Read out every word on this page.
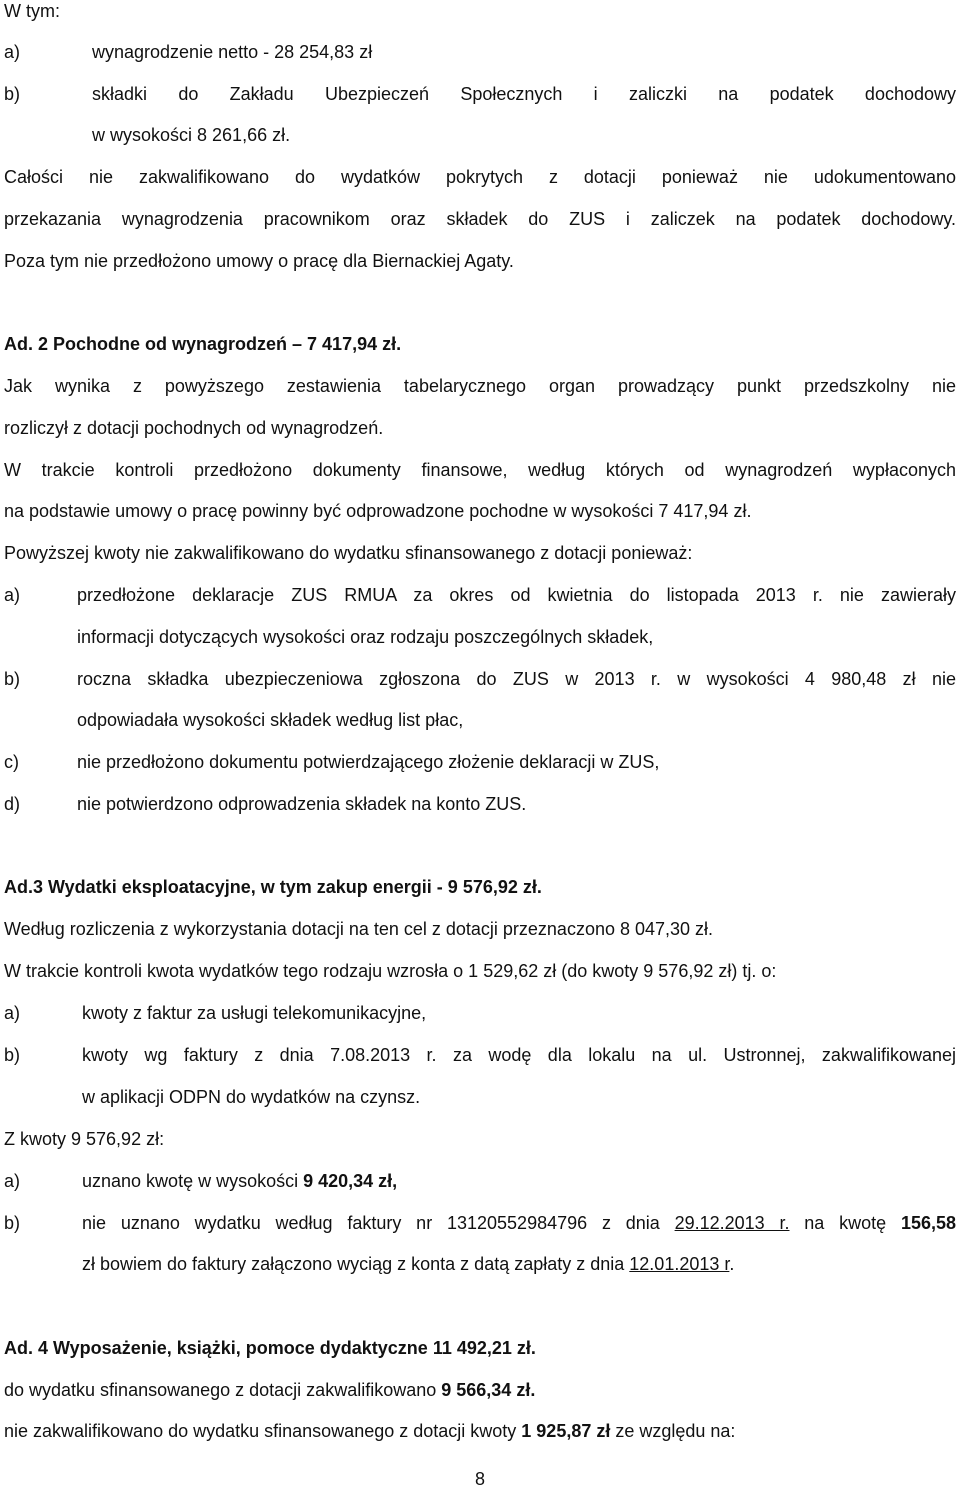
W tym:
a)	wynagrodzenie netto - 28 254,83 zł
b)	składki do Zakładu Ubezpieczeń Społecznych i zaliczki na podatek dochodowy
w wysokości 8 261,66 zł.
Całości nie zakwalifikowano do wydatków pokrytych z dotacji ponieważ nie udokumentowano
przekazania wynagrodzenia pracownikom oraz składek do ZUS i zaliczek na podatek dochodowy.
Poza tym nie przedłożono umowy o pracę dla Biernackiej Agaty.
Ad. 2 Pochodne od wynagrodzeń – 7 417,94 zł.
Jak wynika z powyższego zestawienia tabelarycznego organ prowadzący punkt przedszkolny nie
rozliczył z dotacji pochodnych od wynagrodzeń.
W trakcie kontroli przedłożono dokumenty finansowe, według których od wynagrodzeń wypłaconych
na podstawie umowy o pracę powinny być odprowadzone pochodne w wysokości 7 417,94 zł.
Powyższej kwoty nie zakwalifikowano do wydatku sfinansowanego z dotacji ponieważ:
a)	przedłożone deklaracje ZUS RMUA za okres od kwietnia do listopada 2013 r. nie zawierały
informacji dotyczących wysokości oraz rodzaju poszczególnych składek,
b)	roczna składka ubezpieczeniowa zgłoszona do ZUS w 2013 r. w wysokości 4 980,48 zł nie
odpowiadała wysokości składek według list płac,
c)	nie przedłożono dokumentu potwierdzającego złożenie deklaracji w ZUS,
d)	nie potwierdzono odprowadzenia składek na konto ZUS.
Ad.3 Wydatki eksploatacyjne, w tym zakup energii - 9 576,92 zł.
Według rozliczenia z wykorzystania dotacji na ten cel z dotacji przeznaczono 8 047,30 zł.
W trakcie kontroli kwota wydatków tego rodzaju wzrosła o 1 529,62 zł (do kwoty 9 576,92 zł) tj. o:
a)	kwoty z faktur za usługi telekomunikacyjne,
b)	kwoty wg faktury z dnia 7.08.2013 r. za wodę dla lokalu na ul. Ustronnej, zakwalifikowanej
w aplikacji ODPN do wydatków na czynsz.
Z kwoty 9 576,92 zł:
a)	uznano kwotę w wysokości 9 420,34 zł,
b)	nie uznano wydatku według faktury nr 13120552984796 z dnia 29.12.2013 r. na kwotę 156,58
zł bowiem do faktury załączono wyciąg z konta z datą zapłaty z dnia 12.01.2013 r.
Ad. 4 Wyposażenie, książki, pomoce dydaktyczne 11 492,21 zł.
do wydatku sfinansowanego z dotacji zakwalifikowano 9 566,34 zł.
nie zakwalifikowano do wydatku sfinansowanego z dotacji kwoty 1 925,87 zł ze względu na:
8
